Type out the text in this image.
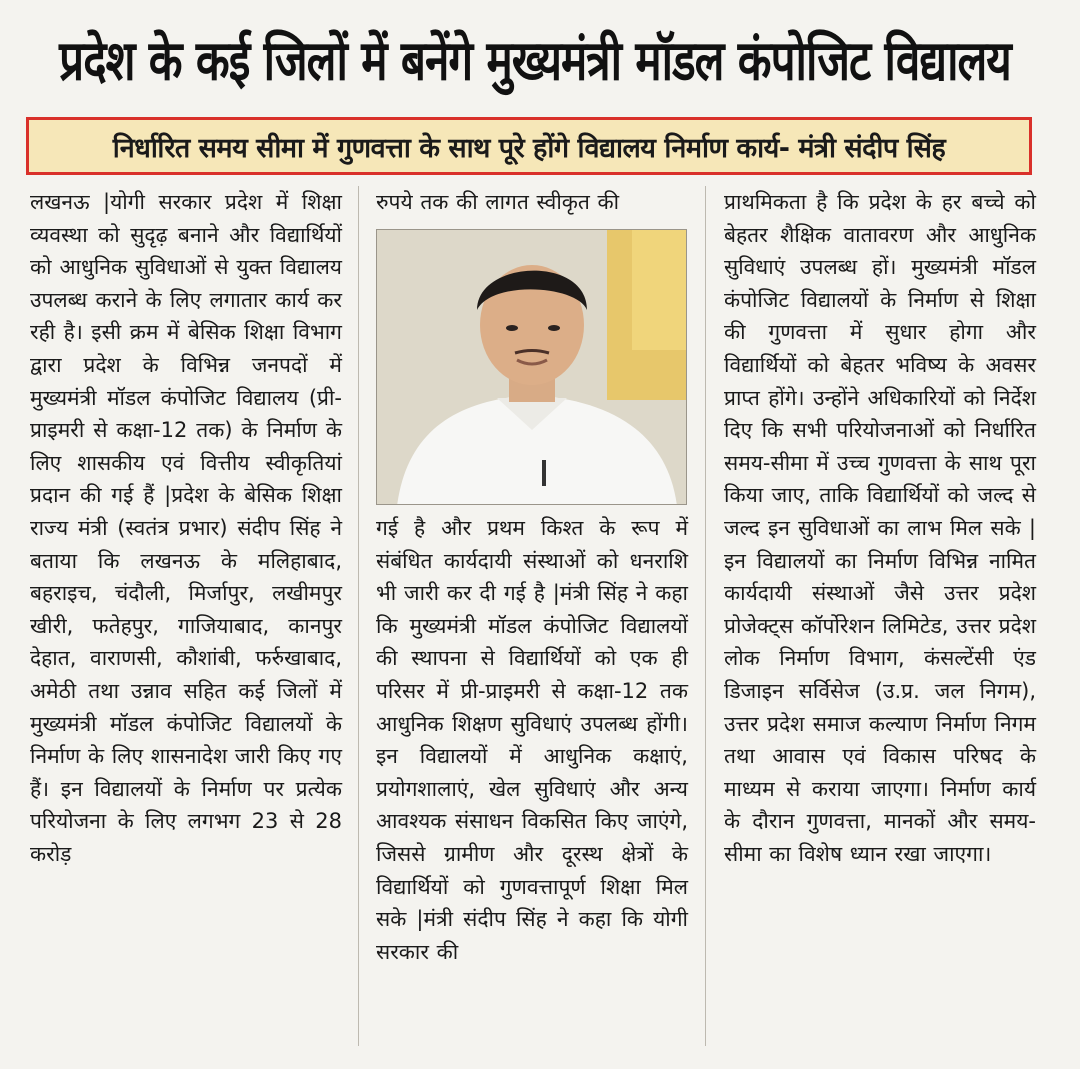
प्रदेश के कई जिलों में बनेंगे मुख्यमंत्री मॉडल कंपोजिट विद्यालय
निर्धारित समय सीमा में गुणवत्ता के साथ पूरे होंगे विद्यालय निर्माण कार्य- मंत्री संदीप सिंह
लखनऊ |योगी सरकार प्रदेश में शिक्षा व्यवस्था को सुदृढ़ बनाने और विद्यार्थियों को आधुनिक सुविधाओं से युक्त विद्यालय उपलब्ध कराने के लिए लगातार कार्य कर रही है। इसी क्रम में बेसिक शिक्षा विभाग द्वारा प्रदेश के विभिन्न जनपदों में मुख्यमंत्री मॉडल कंपोजिट विद्यालय (प्री-प्राइमरी से कक्षा-12 तक) के निर्माण के लिए शासकीय एवं वित्तीय स्वीकृतियां प्रदान की गई हैं |प्रदेश के बेसिक शिक्षा राज्य मंत्री (स्वतंत्र प्रभार) संदीप सिंह ने बताया कि लखनऊ के मलिहाबाद, बहराइच, चंदौली, मिर्जापुर, लखीमपुर खीरी, फतेहपुर, गाजियाबाद, कानपुर देहात, वाराणसी, कौशांबी, फर्रुखाबाद, अमेठी तथा उन्नाव सहित कई जिलों में मुख्यमंत्री मॉडल कंपोजिट विद्यालयों के निर्माण के लिए शासनादेश जारी किए गए हैं। इन विद्यालयों के निर्माण पर प्रत्येक परियोजना के लिए लगभग 23 से 28 करोड़
रुपये तक की लागत स्वीकृत की
गई है और प्रथम किश्त के रूप में संबंधित कार्यदायी संस्थाओं को धनराशि भी जारी कर दी गई है |मंत्री सिंह ने कहा कि मुख्यमंत्री मॉडल कंपोजिट विद्यालयों की स्थापना से विद्यार्थियों को एक ही परिसर में प्री-प्राइमरी से कक्षा-12 तक आधुनिक शिक्षण सुविधाएं उपलब्ध होंगी। इन विद्यालयों में आधुनिक कक्षाएं, प्रयोगशालाएं, खेल सुविधाएं और अन्य आवश्यक संसाधन विकसित किए जाएंगे, जिससे ग्रामीण और दूरस्थ क्षेत्रों के विद्यार्थियों को गुणवत्तापूर्ण शिक्षा मिल सके |मंत्री संदीप सिंह ने कहा कि योगी सरकार की
प्राथमिकता है कि प्रदेश के हर बच्चे को बेहतर शैक्षिक वातावरण और आधुनिक सुविधाएं उपलब्ध हों। मुख्यमंत्री मॉडल कंपोजिट विद्यालयों के निर्माण से शिक्षा की गुणवत्ता में सुधार होगा और विद्यार्थियों को बेहतर भविष्य के अवसर प्राप्त होंगे। उन्होंने अधिकारियों को निर्देश दिए कि सभी परियोजनाओं को निर्धारित समय-सीमा में उच्च गुणवत्ता के साथ पूरा किया जाए, ताकि विद्यार्थियों को जल्द से जल्द इन सुविधाओं का लाभ मिल सके |इन विद्यालयों का निर्माण विभिन्न नामित कार्यदायी संस्थाओं जैसे उत्तर प्रदेश प्रोजेक्ट्स कॉर्पोरेशन लिमिटेड, उत्तर प्रदेश लोक निर्माण विभाग, कंसल्टेंसी एंड डिजाइन सर्विसेज (उ.प्र. जल निगम), उत्तर प्रदेश समाज कल्याण निर्माण निगम तथा आवास एवं विकास परिषद के माध्यम से कराया जाएगा। निर्माण कार्य के दौरान गुणवत्ता, मानकों और समय-सीमा का विशेष ध्यान रखा जाएगा।
